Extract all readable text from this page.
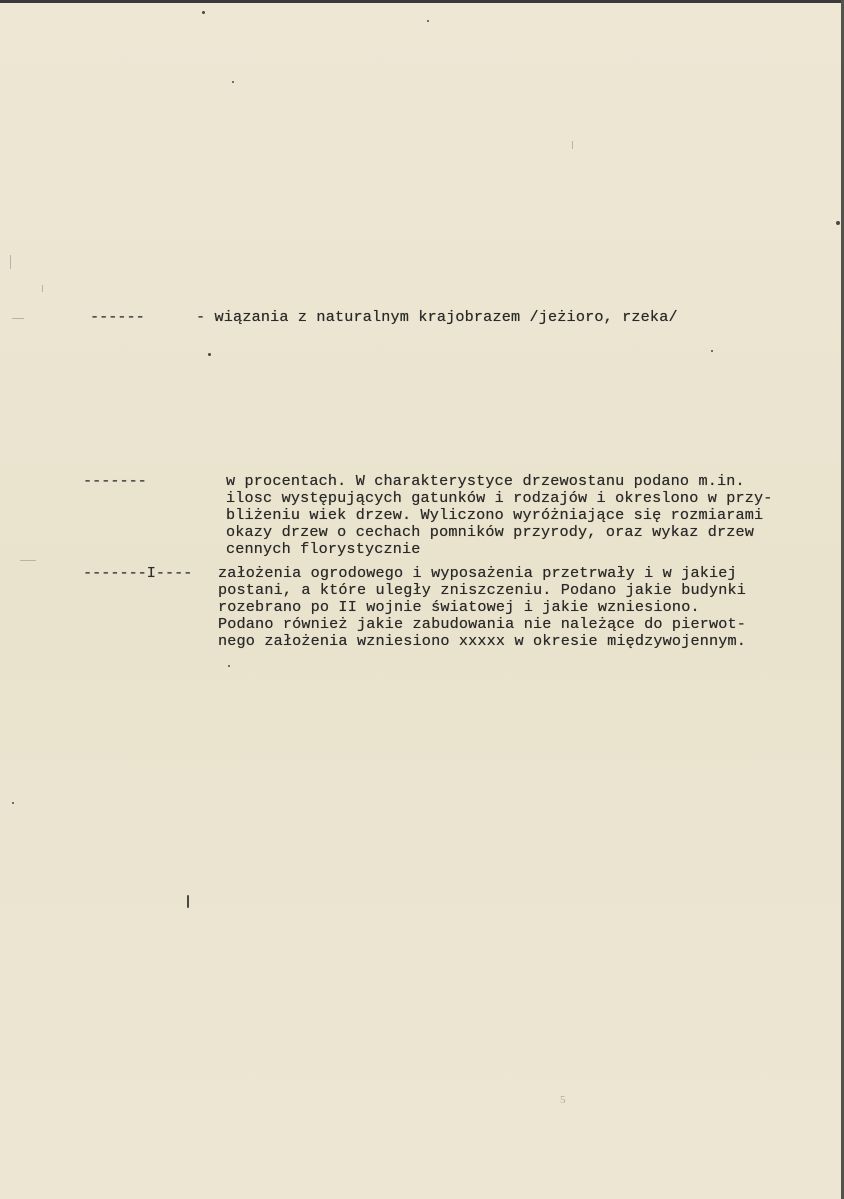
------	- wiązania z naturalnym krajobrazem /jeżioro, rzeka/
-------	w procentach. W charakterystyce drzewostanu podano m.in.
ilosc występujących gatunków i rodzajów i okreslono w przy-
bliżeniu wiek drzew. Wyliczono wyróżniające się rozmiarami
okazy drzew o cechach pomników przyrody, oraz wykaz drzew
cennych florystycznie
-------I---- założenia ogrodowego i wyposażenia przetrwały i w jakiej
postani, a które uległy zniszczeniu. Podano jakie budynki
rozebrano po II wojnie światowej i jakie wzniesiono.
Podano również jakie zabudowania nie należące do pierwot-
nego założenia wzniesiono xxxxx w okresie międzywojennym.
5
